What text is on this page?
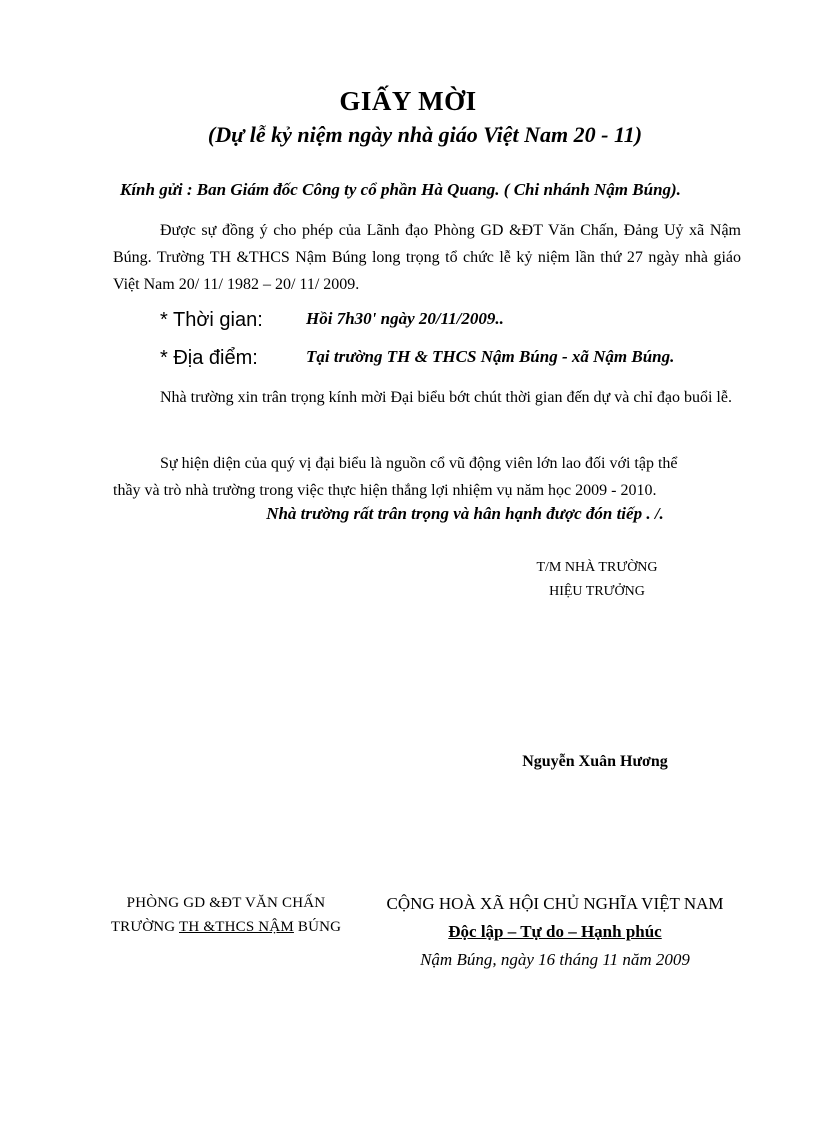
GIẤY MỜI
(Dự lễ kỷ niệm ngày nhà giáo Việt Nam 20 - 11)
Kính gửi : Ban Giám đốc Công ty cổ phần Hà Quang. ( Chi nhánh Nậm Búng).
Được sự đồng ý cho phép của Lãnh đạo Phòng GD &ĐT Văn Chấn, Đảng Uỷ xã Nậm Búng. Trường TH &THCS Nậm Búng long trọng tổ chức lễ kỷ niệm lần thứ 27 ngày nhà giáo Việt Nam 20/ 11/ 1982 – 20/ 11/ 2009.
* Thời gian:	Hồi 7h30' ngày 20/11/2009..
* Địa điểm:	Tại trường TH & THCS Nậm Búng - xã Nậm Búng.
Nhà trường xin trân trọng kính mời Đại biểu bớt chút thời gian đến dự và chỉ đạo buổi lễ.
Sự hiện diện của quý vị đại biểu là nguồn cổ vũ động viên lớn lao đối với tập thể
thầy và trò nhà trường trong việc thực hiện thắng lợi nhiệm vụ năm học 2009 - 2010.
Nhà trường rất trân trọng và hân hạnh được đón tiếp . /.
T/M NHÀ TRƯỜNG
HIỆU TRƯỞNG
Nguyễn Xuân Hương
PHÒNG GD &ĐT VĂN CHẤN
TRƯỜNG TH &THCS NẬM BÚNG
CỘNG HOÀ XÃ HỘI CHỦ NGHĨA VIỆT NAM
Độc lập – Tự do – Hạnh phúc
Nậm Búng, ngày 16 tháng 11 năm 2009
